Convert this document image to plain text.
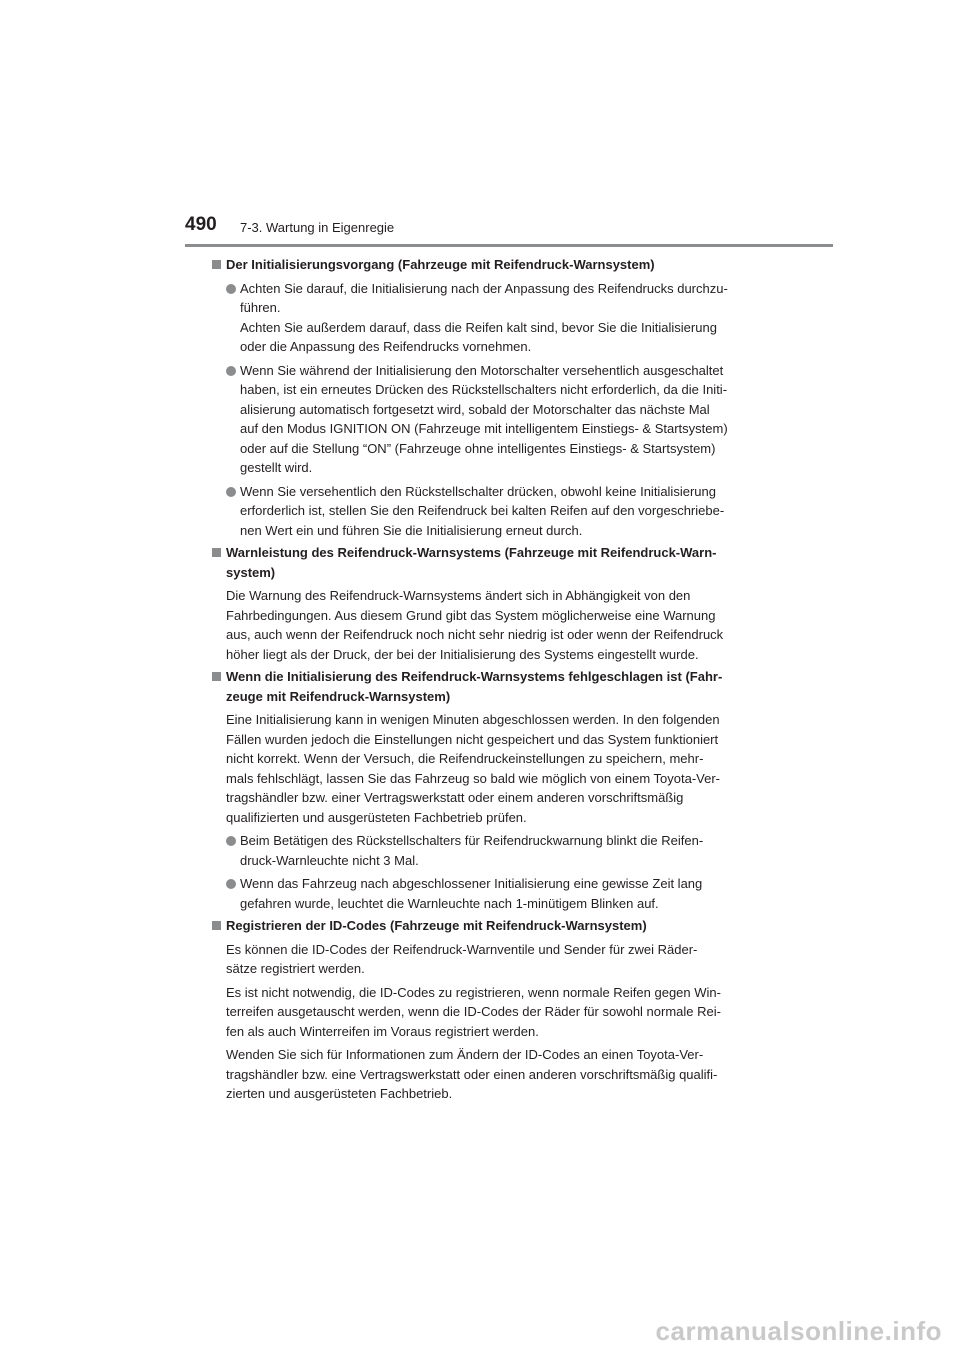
490 7-3. Wartung in Eigenregie
Der Initialisierungsvorgang (Fahrzeuge mit Reifendruck-Warnsystem)
Achten Sie darauf, die Initialisierung nach der Anpassung des Reifendrucks durchzu-
führen.
Achten Sie außerdem darauf, dass die Reifen kalt sind, bevor Sie die Initialisierung
oder die Anpassung des Reifendrucks vornehmen.
Wenn Sie während der Initialisierung den Motorschalter versehentlich ausgeschaltet
haben, ist ein erneutes Drücken des Rückstellschalters nicht erforderlich, da die Initi-
alisierung automatisch fortgesetzt wird, sobald der Motorschalter das nächste Mal
auf den Modus IGNITION ON (Fahrzeuge mit intelligentem Einstiegs- & Startsystem)
oder auf die Stellung “ON” (Fahrzeuge ohne intelligentes Einstiegs- & Startsystem)
gestellt wird.
Wenn Sie versehentlich den Rückstellschalter drücken, obwohl keine Initialisierung
erforderlich ist, stellen Sie den Reifendruck bei kalten Reifen auf den vorgeschriebe-
nen Wert ein und führen Sie die Initialisierung erneut durch.
Warnleistung des Reifendruck-Warnsystems (Fahrzeuge mit Reifendruck-Warn-
system)
Die Warnung des Reifendruck-Warnsystems ändert sich in Abhängigkeit von den
Fahrbedingungen. Aus diesem Grund gibt das System möglicherweise eine Warnung
aus, auch wenn der Reifendruck noch nicht sehr niedrig ist oder wenn der Reifendruck
höher liegt als der Druck, der bei der Initialisierung des Systems eingestellt wurde.
Wenn die Initialisierung des Reifendruck-Warnsystems fehlgeschlagen ist (Fahr-
zeuge mit Reifendruck-Warnsystem)
Eine Initialisierung kann in wenigen Minuten abgeschlossen werden. In den folgenden
Fällen wurden jedoch die Einstellungen nicht gespeichert und das System funktioniert
nicht korrekt. Wenn der Versuch, die Reifendruckeinstellungen zu speichern, mehr-
mals fehlschlägt, lassen Sie das Fahrzeug so bald wie möglich von einem Toyota-Ver-
tragshändler bzw. einer Vertragswerkstatt oder einem anderen vorschriftsmäßig
qualifizierten und ausgerüsteten Fachbetrieb prüfen.
Beim Betätigen des Rückstellschalters für Reifendruckwarnung blinkt die Reifen-
druck-Warnleuchte nicht 3 Mal.
Wenn das Fahrzeug nach abgeschlossener Initialisierung eine gewisse Zeit lang
gefahren wurde, leuchtet die Warnleuchte nach 1-minütigem Blinken auf.
Registrieren der ID-Codes (Fahrzeuge mit Reifendruck-Warnsystem)
Es können die ID-Codes der Reifendruck-Warnventile und Sender für zwei Räder-
sätze registriert werden.
Es ist nicht notwendig, die ID-Codes zu registrieren, wenn normale Reifen gegen Win-
terreifen ausgetauscht werden, wenn die ID-Codes der Räder für sowohl normale Rei-
fen als auch Winterreifen im Voraus registriert werden.
Wenden Sie sich für Informationen zum Ändern der ID-Codes an einen Toyota-Ver-
tragshändler bzw. eine Vertragswerkstatt oder einen anderen vorschriftsmäßig qualifi-
zierten und ausgerüsteten Fachbetrieb.
carmanualsonline.info
